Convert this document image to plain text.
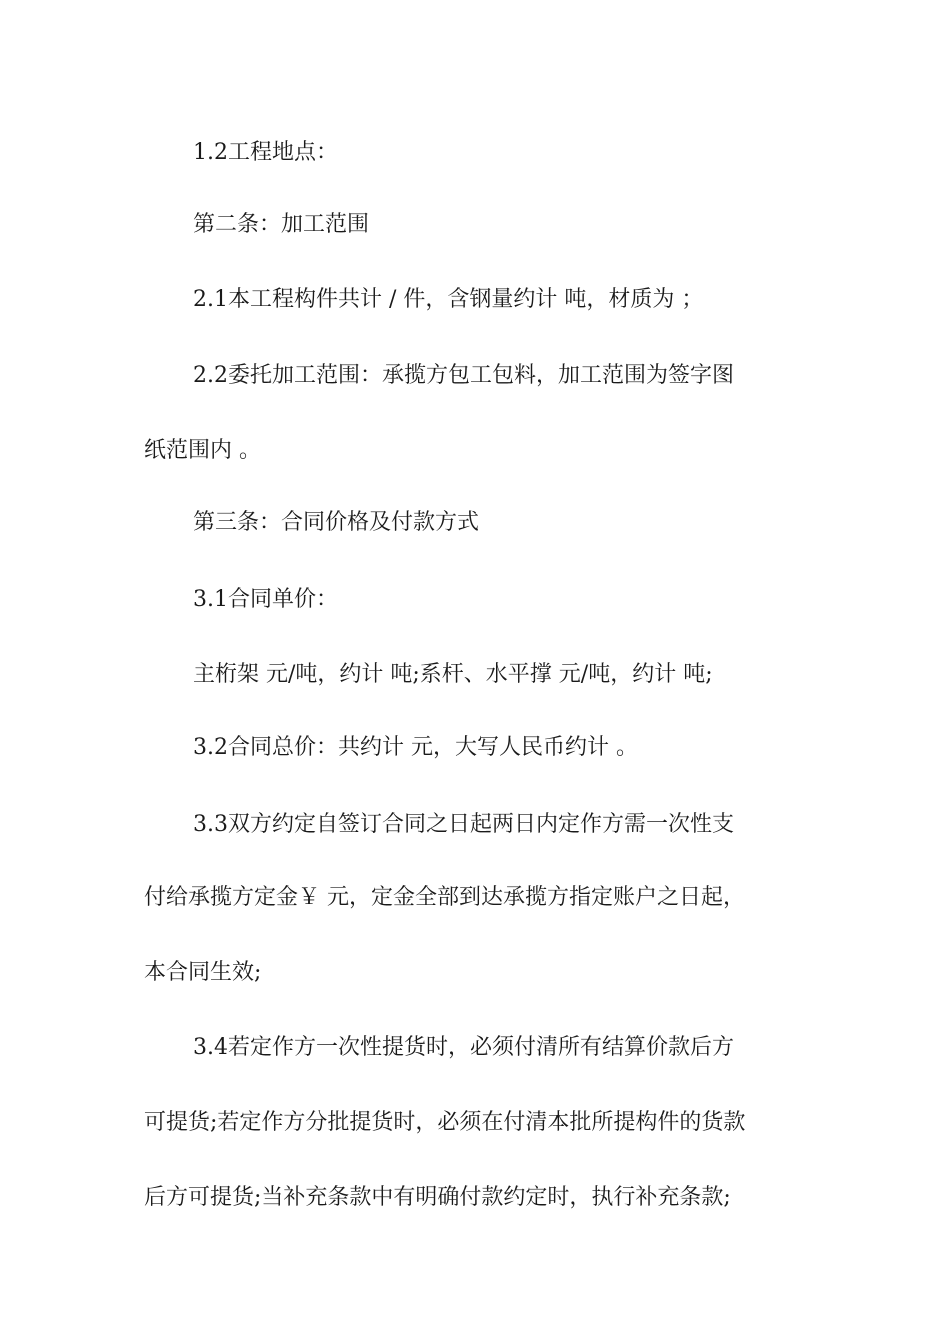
1.2工程地点：
第二条：加工范围
2.1本工程构件共计 / 件，含钢量约计 吨，材质为 ；
2.2委托加工范围：承揽方包工包料，加工范围为签字图
纸范围内 。
第三条：合同价格及付款方式
3.1合同单价：
主桁架 元/吨，约计 吨;系杆、水平撑 元/吨，约计 吨;
3.2合同总价：共约计 元，大写人民币约计 。
3.3双方约定自签订合同之日起两日内定作方需一次性支
付给承揽方定金￥ 元，定金全部到达承揽方指定账户之日起，
本合同生效;
3.4若定作方一次性提货时，必须付清所有结算价款后方
可提货;若定作方分批提货时，必须在付清本批所提构件的货款
后方可提货;当补充条款中有明确付款约定时，执行补充条款;
